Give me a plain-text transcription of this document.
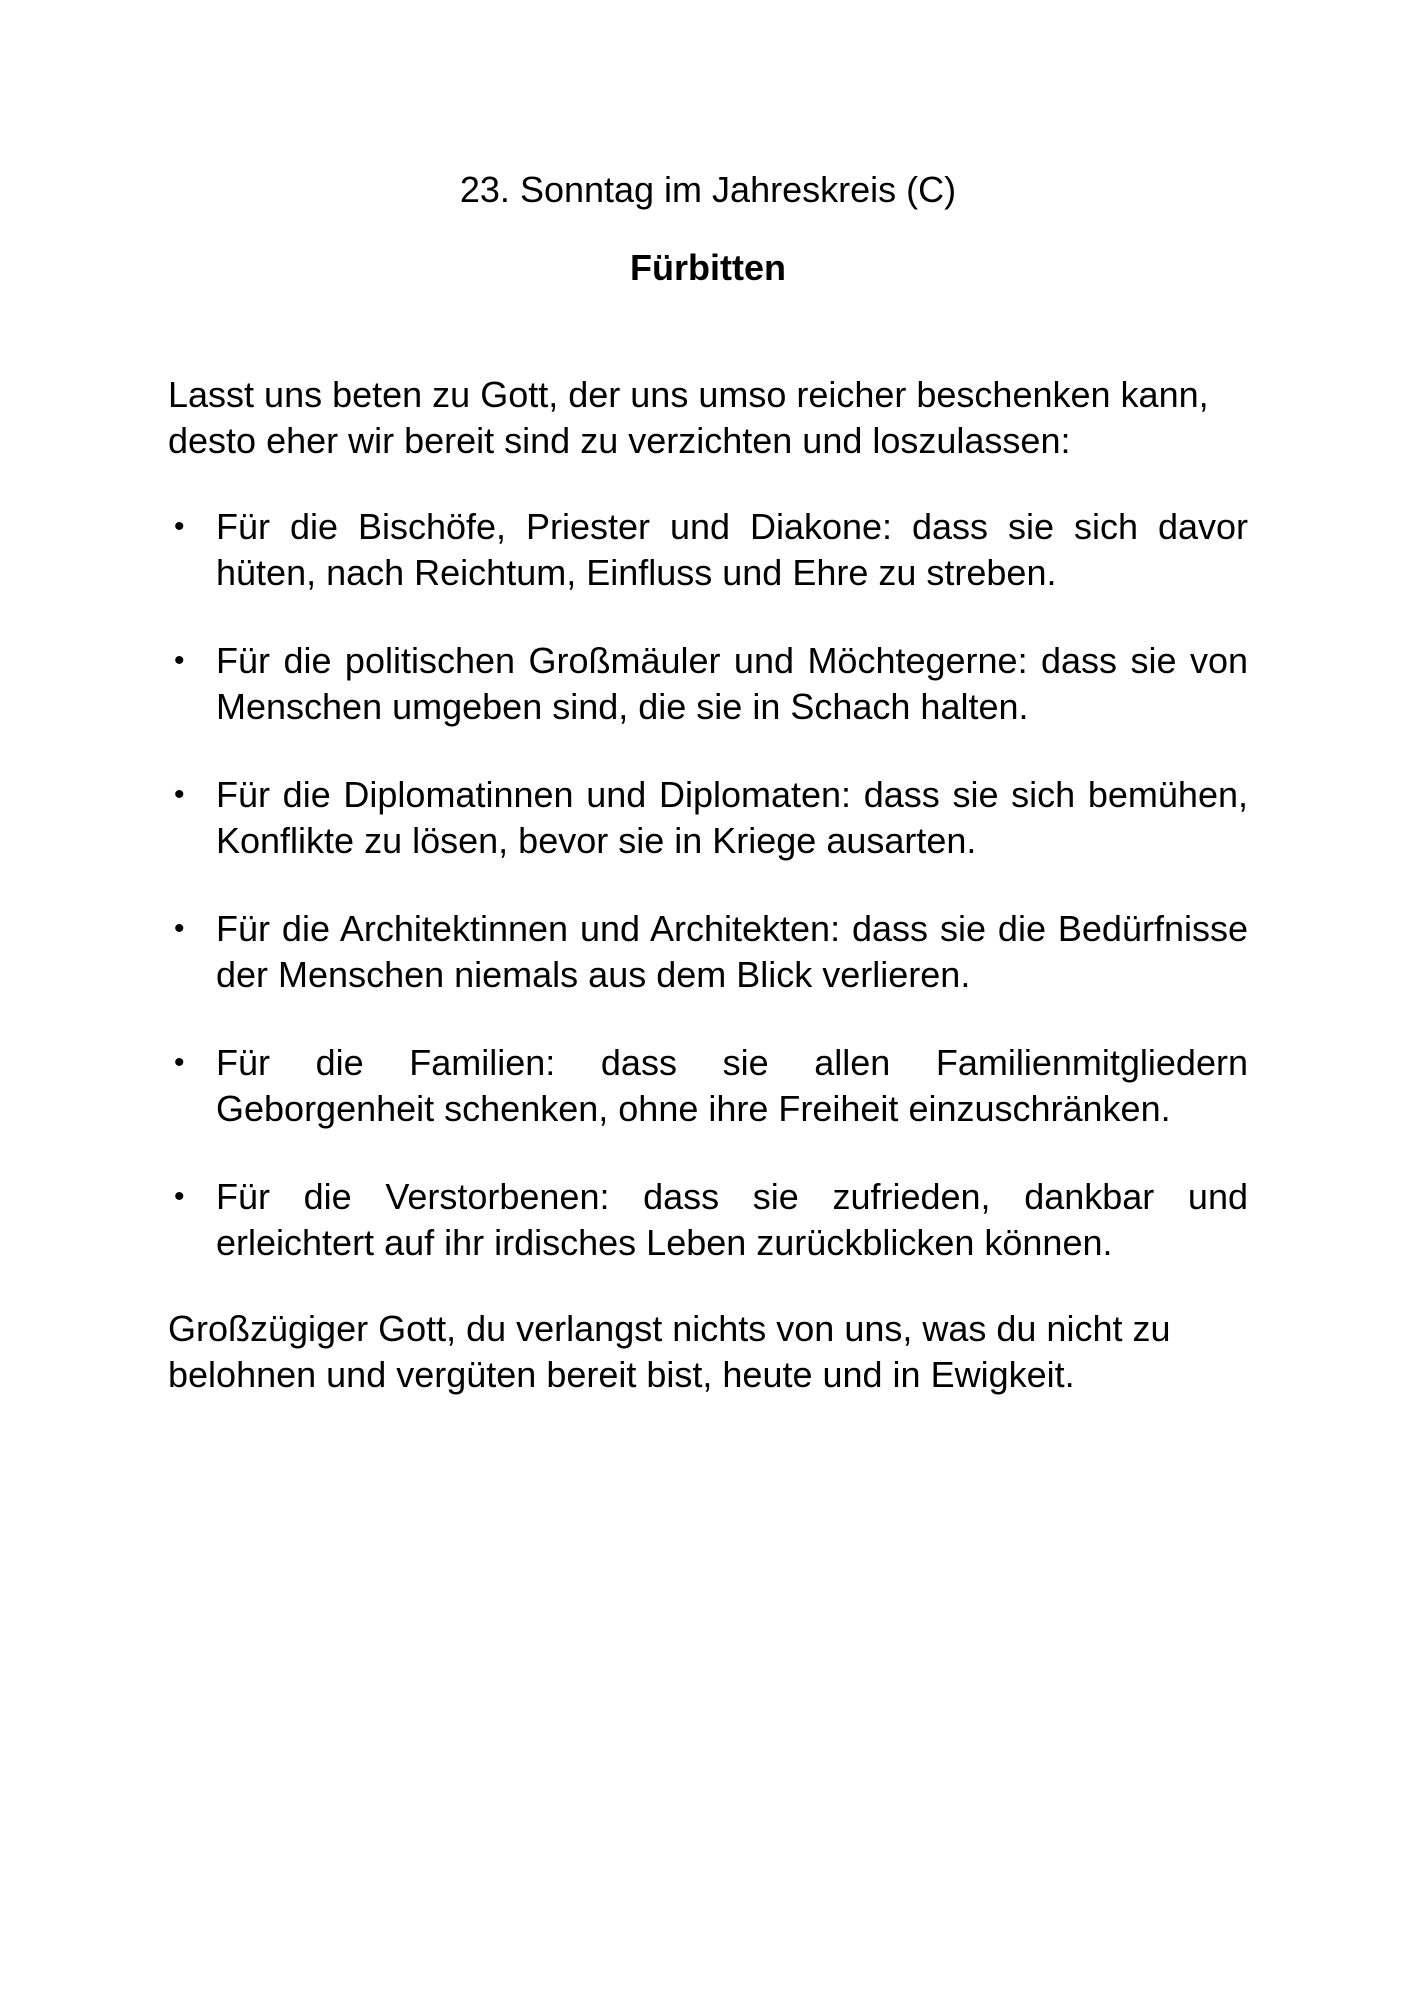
23. Sonntag im Jahreskreis (C)

Fürbitten

Lasst uns beten zu Gott, der uns umso reicher beschenken kann, desto eher wir bereit sind zu verzichten und loszulassen:

• Für die Bischöfe, Priester und Diakone: dass sie sich davor hüten, nach Reichtum, Einfluss und Ehre zu streben.
• Für die politischen Großmäuler und Möchtegerne: dass sie von Menschen umgeben sind, die sie in Schach halten.
• Für die Diplomatinnen und Diplomaten: dass sie sich bemühen, Konflikte zu lösen, bevor sie in Kriege ausarten.
• Für die Architektinnen und Architekten: dass sie die Bedürfnisse der Menschen niemals aus dem Blick verlieren.
• Für die Familien: dass sie allen Familienmitgliedern Geborgenheit schenken, ohne ihre Freiheit einzuschränken.
• Für die Verstorbenen: dass sie zufrieden, dankbar und erleichtert auf ihr irdisches Leben zurückblicken können.

Großzügiger Gott, du verlangst nichts von uns, was du nicht zu belohnen und vergüten bereit bist, heute und in Ewigkeit.
